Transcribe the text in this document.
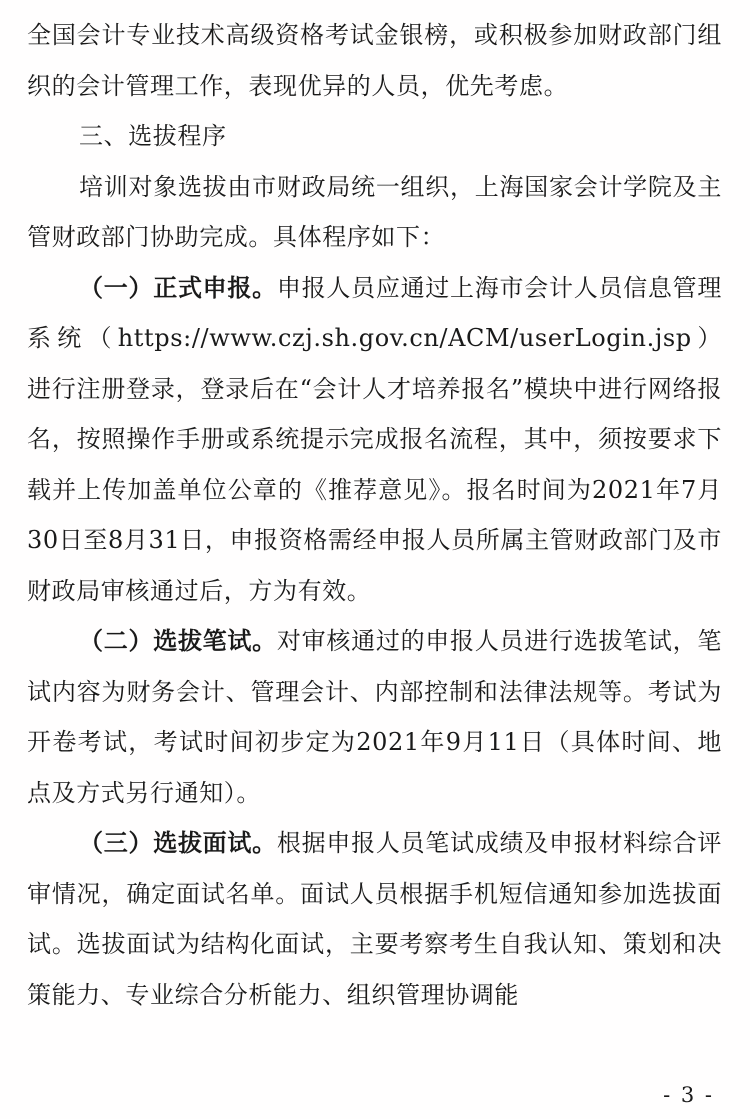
全国会计专业技术高级资格考试金银榜，或积极参加财政部门组织的会计管理工作，表现优异的人员，优先考虑。

三、选拔程序

培训对象选拔由市财政局统一组织，上海国家会计学院及主管财政部门协助完成。具体程序如下：

（一）正式申报。申报人员应通过上海市会计人员信息管理系统（https://www.czj.sh.gov.cn/ACM/userLogin.jsp）进行注册登录，登录后在“会计人才培养报名”模块中进行网络报名，按照操作手册或系统提示完成报名流程，其中，须按要求下载并上传加盖单位公章的《推荐意见》。报名时间为2021年7月30日至8月31日，申报资格需经申报人员所属主管财政部门及市财政局审核通过后，方为有效。

（二）选拔笔试。对审核通过的申报人员进行选拔笔试，笔试内容为财务会计、管理会计、内部控制和法律法规等。考试为开卷考试，考试时间初步定为2021年9月11日（具体时间、地点及方式另行通知）。

（三）选拔面试。根据申报人员笔试成绩及申报材料综合评审情况，确定面试名单。面试人员根据手机短信通知参加选拔面试。选拔面试为结构化面试，主要考察考生自我认知、策划和决策能力、专业综合分析能力、组织管理协调能

- 3 -
